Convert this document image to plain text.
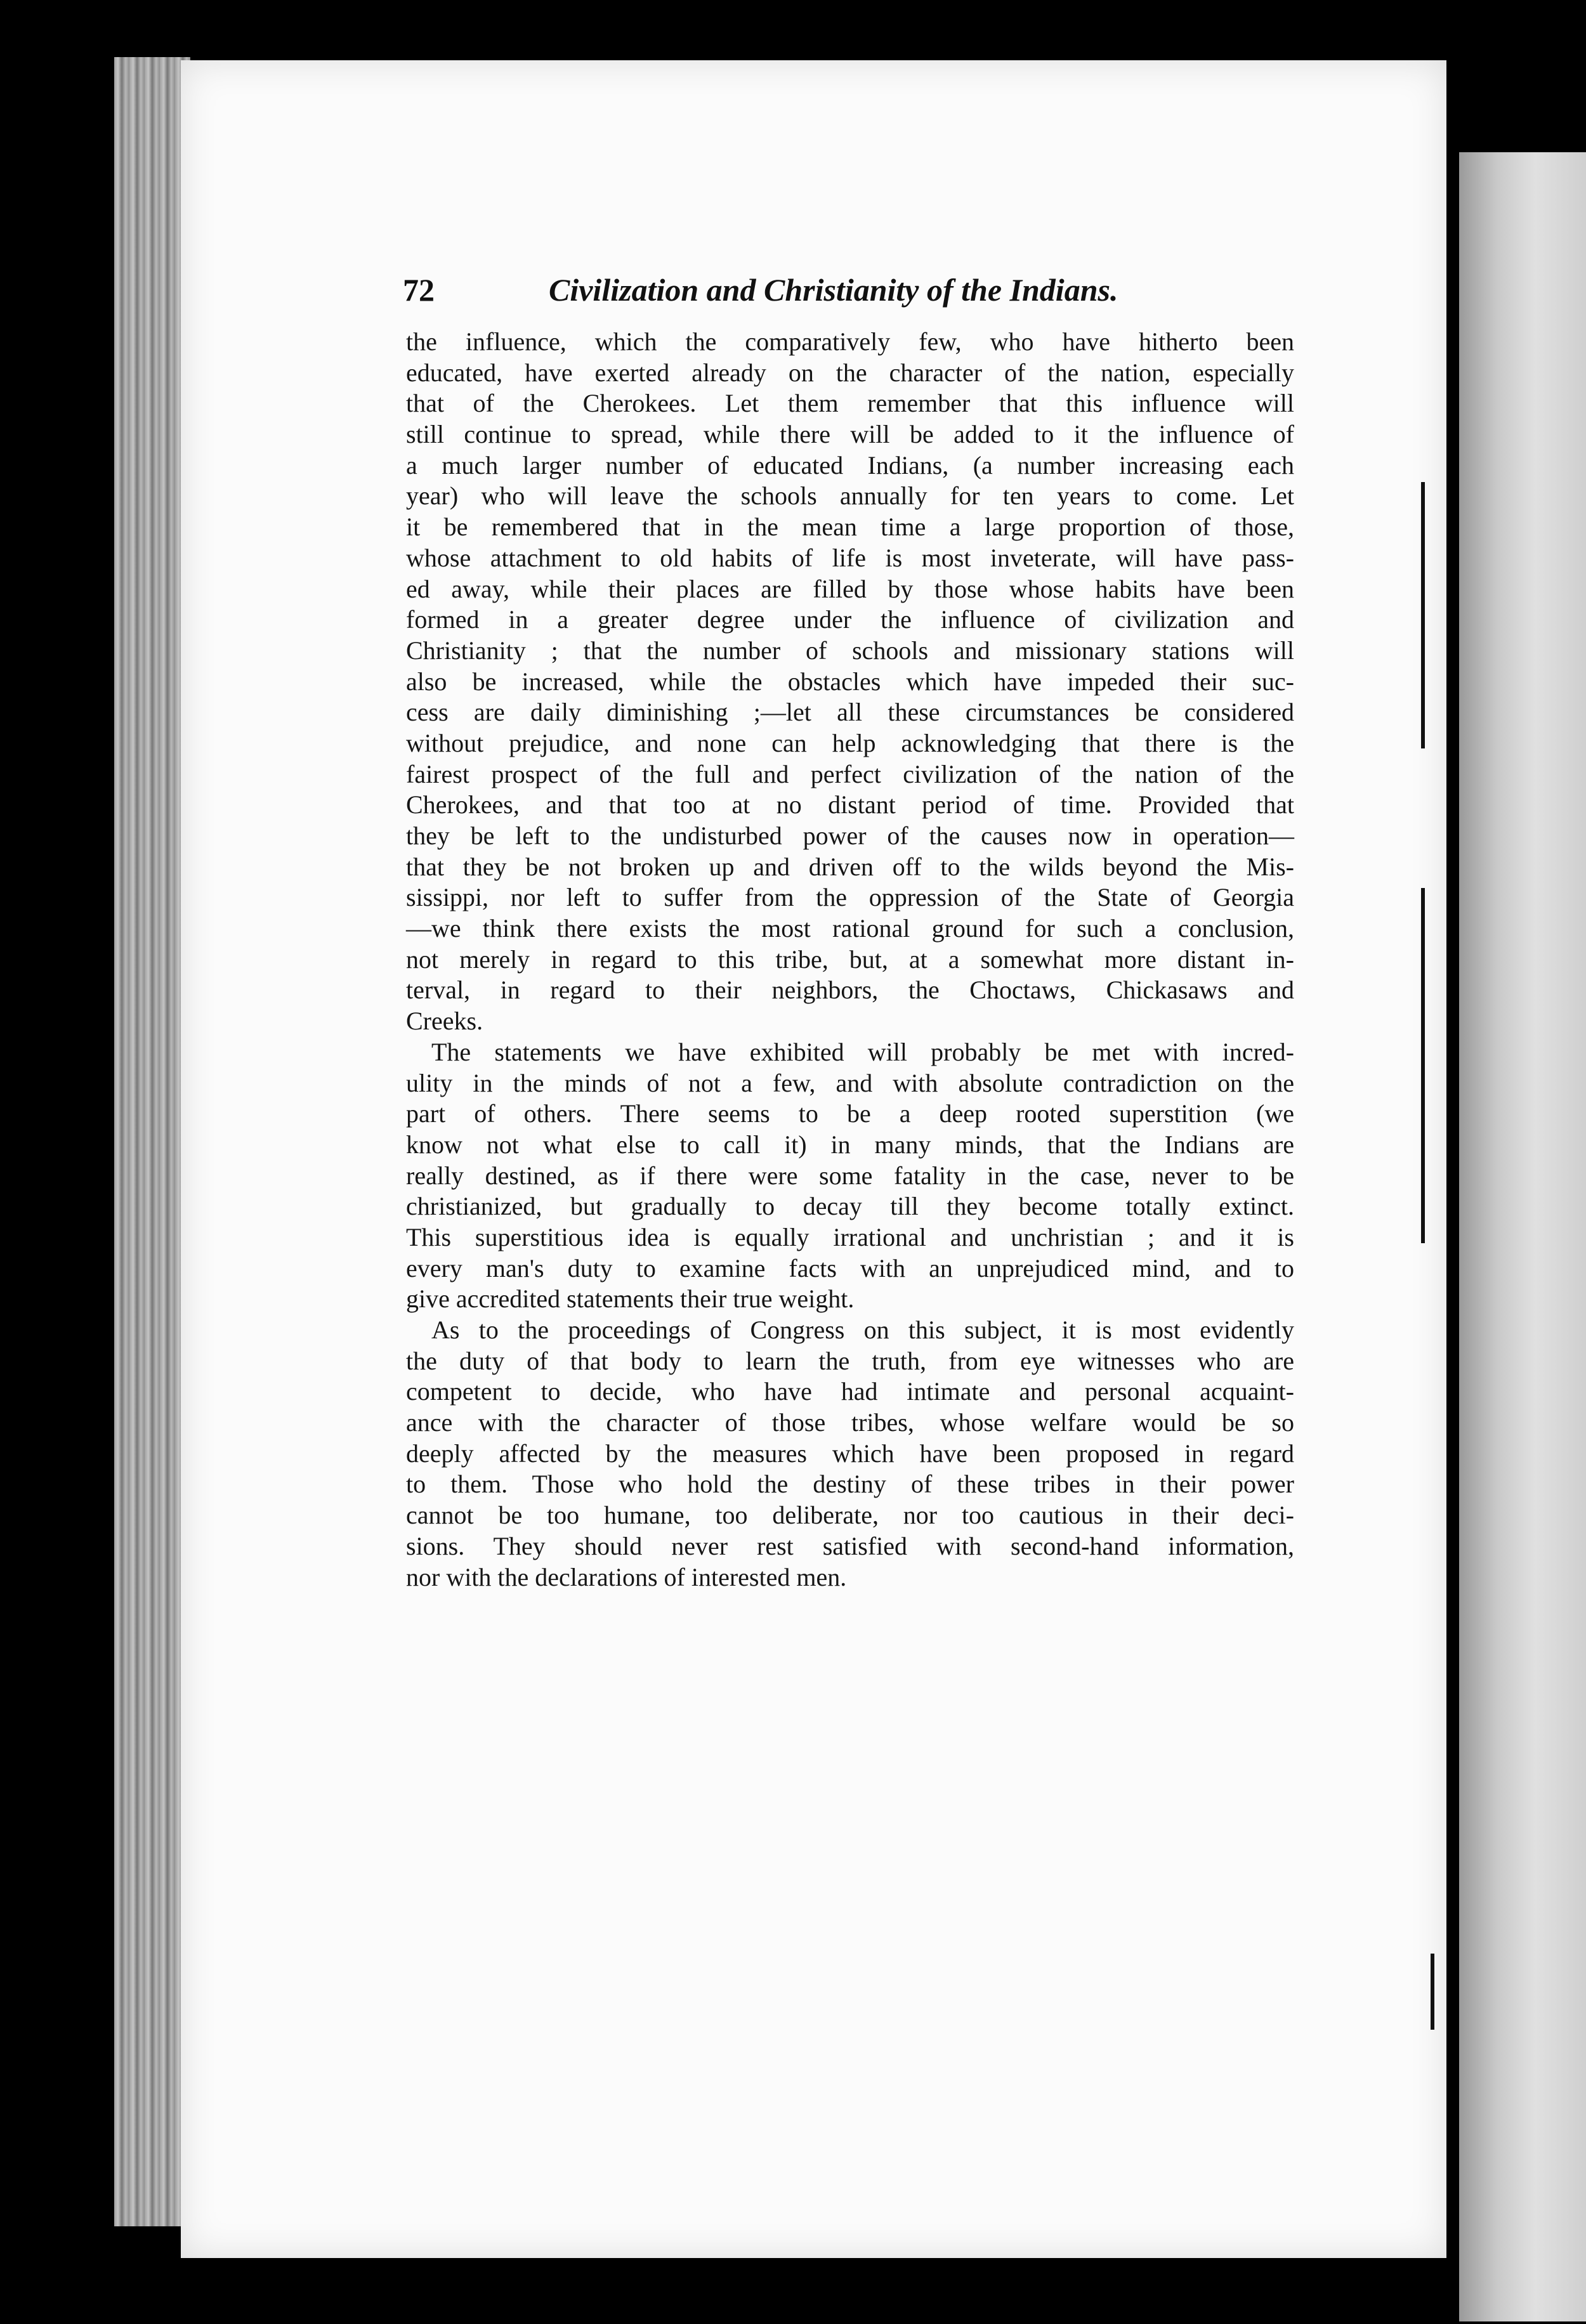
72	Civilization and Christianity of the Indians.
the influence, which the comparatively few, who have hitherto been
educated, have exerted already on the character of the nation, especially
that of the Cherokees. Let them remember that this influence will
still continue to spread, while there will be added to it the influence of
a much larger number of educated Indians, (a number increasing each
year) who will leave the schools annually for ten years to come. Let
it be remembered that in the mean time a large proportion of those,
whose attachment to old habits of life is most inveterate, will have pass-
ed away, while their places are filled by those whose habits have been
formed in a greater degree under the influence of civilization and
Christianity ; that the number of schools and missionary stations will
also be increased, while the obstacles which have impeded their suc-
cess are daily diminishing ;—let all these circumstances be considered
without prejudice, and none can help acknowledging that there is the
fairest prospect of the full and perfect civilization of the nation of the
Cherokees, and that too at no distant period of time. Provided that
they be left to the undisturbed power of the causes now in operation—
that they be not broken up and driven off to the wilds beyond the Mis-
sissippi, nor left to suffer from the oppression of the State of Georgia
—we think there exists the most rational ground for such a conclusion,
not merely in regard to this tribe, but, at a somewhat more distant in-
terval, in regard to their neighbors, the Choctaws, Chickasaws and
Creeks.
The statements we have exhibited will probably be met with incred-
ulity in the minds of not a few, and with absolute contradiction on the
part of others. There seems to be a deep rooted superstition (we
know not what else to call it) in many minds, that the Indians are
really destined, as if there were some fatality in the case, never to be
christianized, but gradually to decay till they become totally extinct.
This superstitious idea is equally irrational and unchristian ; and it is
every man's duty to examine facts with an unprejudiced mind, and to
give accredited statements their true weight.
As to the proceedings of Congress on this subject, it is most evidently
the duty of that body to learn the truth, from eye witnesses who are
competent to decide, who have had intimate and personal acquaint-
ance with the character of those tribes, whose welfare would be so
deeply affected by the measures which have been proposed in regard
to them. Those who hold the destiny of these tribes in their power
cannot be too humane, too deliberate, nor too cautious in their deci-
sions. They should never rest satisfied with second-hand information,
nor with the declarations of interested men.
